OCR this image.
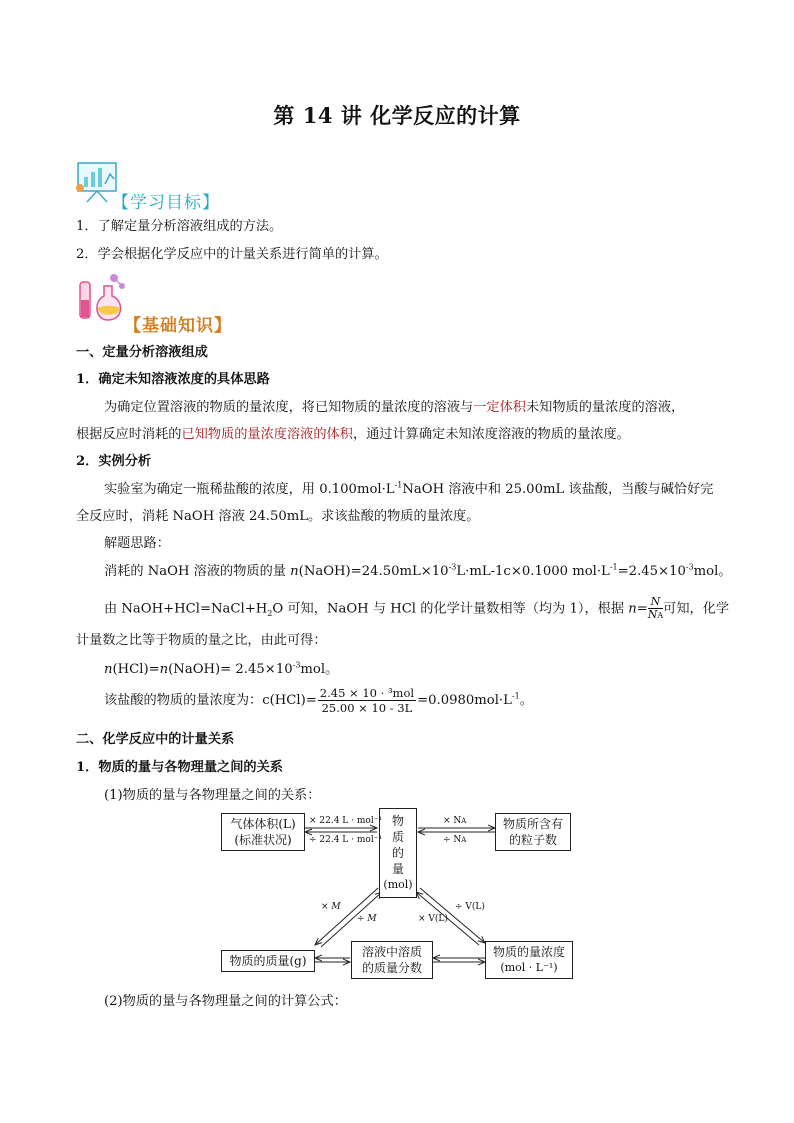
第 14 讲 化学反应的计算
【学习目标】
1．了解定量分析溶液组成的方法。
2．学会根据化学反应中的计量关系进行简单的计算。
【基础知识】
一、定量分析溶液组成
1．确定未知溶液浓度的具体思路
为确定位置溶液的物质的量浓度，将已知物质的量浓度的溶液与一定体积未知物质的量浓度的溶液，
根据反应时消耗的已知物质的量浓度溶液的体积，通过计算确定未知浓度溶液的物质的量浓度。
2．实例分析
实验室为确定一瓶稀盐酸的浓度，用 $0.100mol\cdot L^{-1}NaOH$ 溶液中和 25.00mL 该盐酸，当酸与碱恰好完
全反应时，消耗 NaOH 溶液 24.50mL。求该盐酸的物质的量浓度。
解题思路：
消耗的 NaOH 溶液的物质的量 $n(NaOH)=24.50mL\times 10^{-3}L\cdot mL-1c\times 0.1000$ $mol\cdot L^{-1}=2.45\times 10^{-3}mol$。
由 $NaOH+HCl=NaCl+H_2O$ 可知，NaOH 与 HCl 的化学计量数相等（均为 1），根据 $n= \frac{N}{NA}$可知，化学
计量数之比等于物质的量之比，由此可得：
n(HCl)=n(NaOH)= $2.45\times 10^{-3}mol$。
该盐酸的物质的量浓度为：$c(HCl)= \frac{\text{2.45 × 10 · ³mol}}{25.00 \times 10 - 3L} =0.0980mol\cdot L^{-1}$。
二、化学反应中的计量关系
1．物质的量与各物理量之间的关系
(1)物质的量与各物理量之间的关系：
气体体积(L)
(标准状况)
物
质
的
量
(mol)
物质所含有
的粒子数
物质的质量(g)
溶液中溶质
的质量分数
物质的量浓度
(mol · L⁻¹)
× 22.4 L · mol⁻¹
÷ 22.4 L · mol⁻¹
× NA
÷ NA
× M
÷ M
÷ V(L)
× V(L)
(2)物质的量与各物理量之间的计算公式：
